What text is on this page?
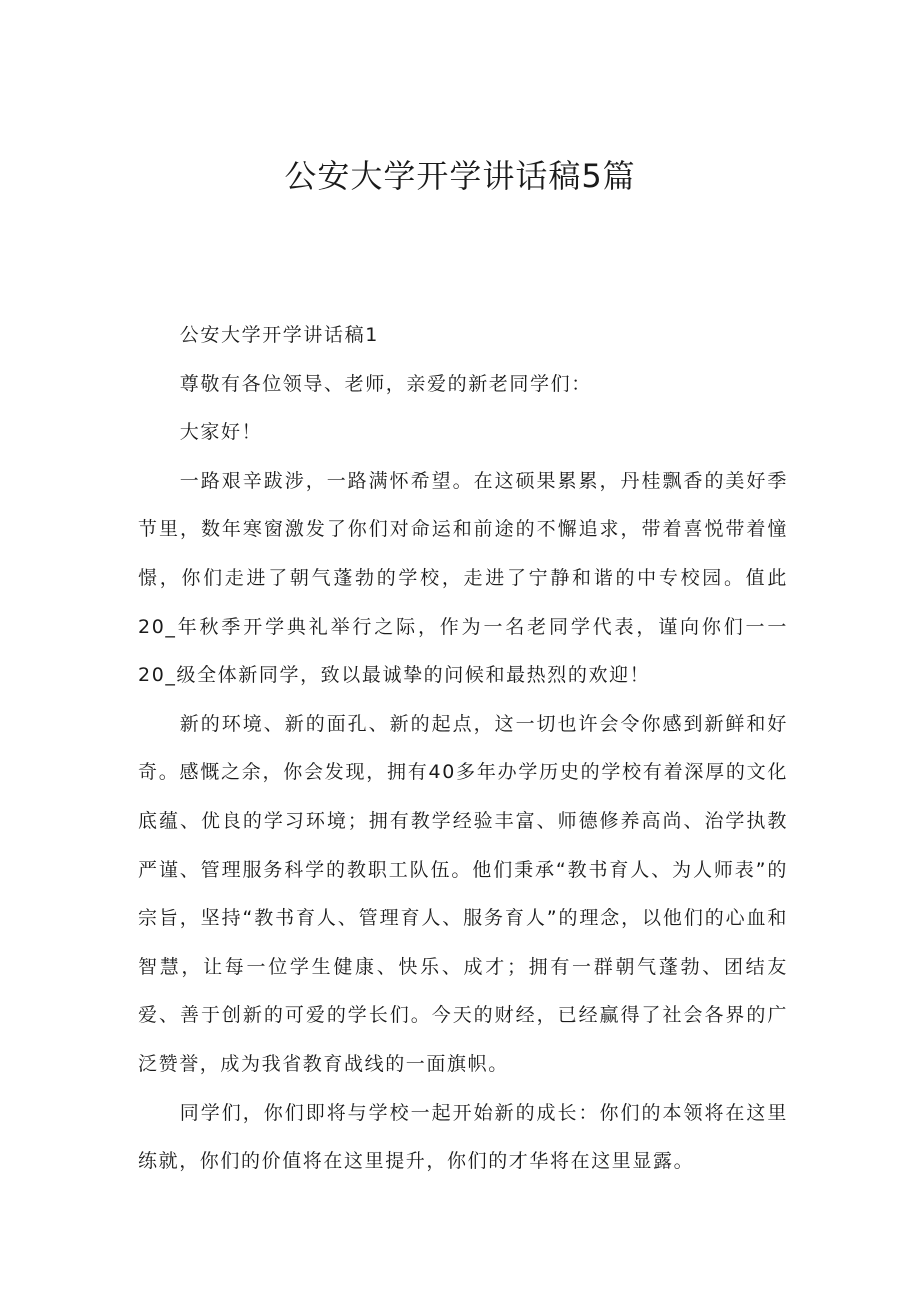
公安大学开学讲话稿5篇

公安大学开学讲话稿1

尊敬有各位领导、老师，亲爱的新老同学们：

大家好！

一路艰辛跋涉，一路满怀希望。在这硕果累累，丹桂飘香的美好季节里，数年寒窗激发了你们对命运和前途的不懈追求，带着喜悦带着憧憬，你们走进了朝气蓬勃的学校，走进了宁静和谐的中专校园。值此20_年秋季开学典礼举行之际，作为一名老同学代表，谨向你们一一20_级全体新同学，致以最诚挚的问候和最热烈的欢迎！

新的环境、新的面孔、新的起点，这一切也许会令你感到新鲜和好奇。感慨之余，你会发现，拥有40多年办学历史的学校有着深厚的文化底蕴、优良的学习环境；拥有教学经验丰富、师德修养高尚、治学执教严谨、管理服务科学的教职工队伍。他们秉承“教书育人、为人师表”的宗旨，坚持“教书育人、管理育人、服务育人”的理念，以他们的心血和智慧，让每一位学生健康、快乐、成才；拥有一群朝气蓬勃、团结友爱、善于创新的可爱的学长们。今天的财经，已经赢得了社会各界的广泛赞誉，成为我省教育战线的一面旗帜。

同学们，你们即将与学校一起开始新的成长：你们的本领将在这里练就，你们的价值将在这里提升，你们的才华将在这里显露。
